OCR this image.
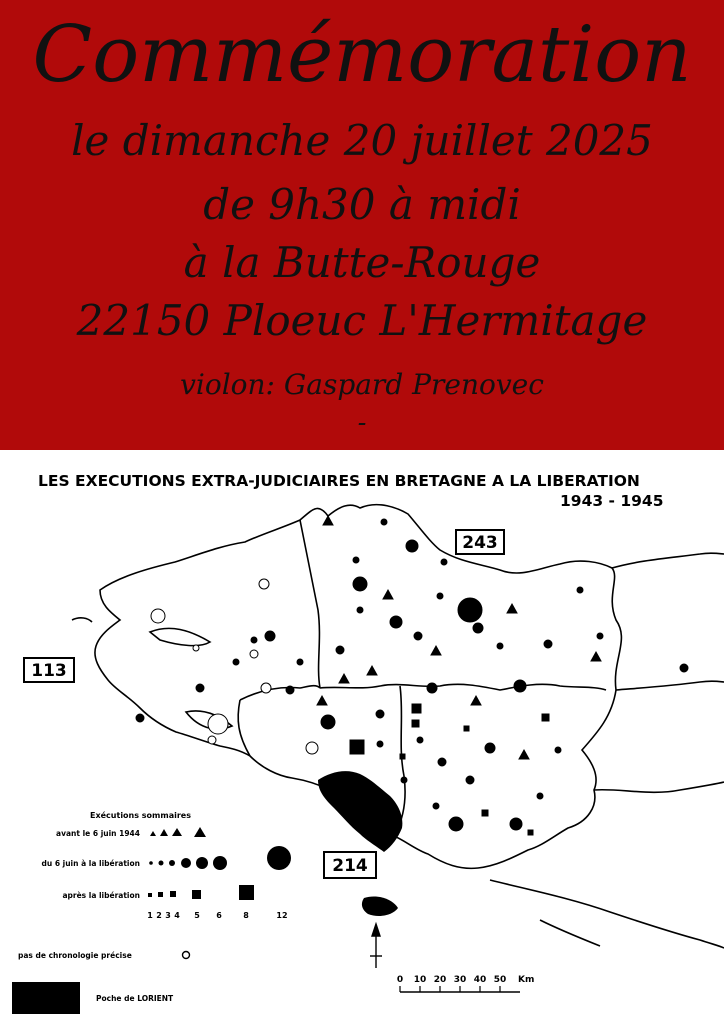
Commémoration
le dimanche 20 juillet 2025
de 9h30 à midi
à la Butte-Rouge
22150 Ploeuc L'Hermitage
violon: Gaspard Prenovec
-
LES EXECUTIONS EXTRA-JUDICIAIRES EN BRETAGNE A LA LIBERATION
1943 - 1945
243
113
214
Exécutions sommaires
avant le 6 juin 1944
du 6 juin à la libération
après la libération
1 2 3 4 5 6	8	12
pas de chronologie précise
Poche de LORIENT
0 10 20 30 40 50 Km
